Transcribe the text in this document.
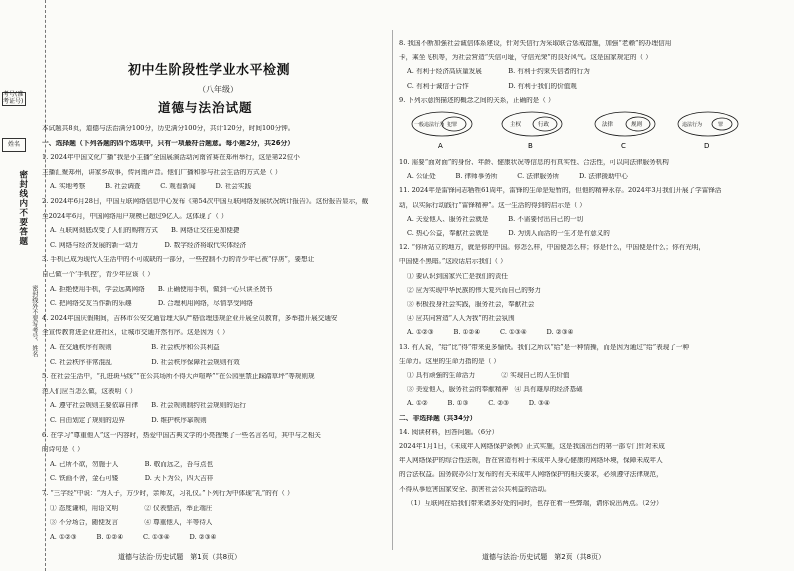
考号(准考证号)
姓名
密封线内不要答题
密封线外不要写考号、姓名
初中生阶段性学业水平检测
（八年级）
道德与法治试题
本试题共8页，道德与法治满分100分，历史满分100分，共计120分，时间100分钟。
一、选择题（下列各题的四个选项中，只有一项最符合题意。每小题2分，共26分）
1. 2024年中国文化广播“我是小主播”全国展演活动河南省赛在郑州举行，这是第22位小
主播汇聚郑州，讲家乡故事，传河南声音。他们广播和参与社会生活的方式是（ ）
A. 实地考察　　　B. 社会调查　　　C. 观看新闻　　　D. 社会实践
2. 2024年6月28日，中国互联网络信息中心发布《第54次中国互联网络发展状况统计报告》。这份报告显示，截
至2024年6月，中国网络用户规模已超过9亿人。这体现了（ ）
A. 互联网彻底改变了人们的购物方式　　B. 网络让交往更加便捷
C. 网络与经济发展的新一动力　　　　D. 数字经济将取代实体经济
3. 手机已成为现代人生活中的不可或缺的一部分，一些控制不力的青少年已被“俘虏”，要想让
自己做一个‘手机控’，青少年应该（ ）
A. 拒绝使用手机，学会远离网络　　B. 正确使用手机，做到一心只读圣贤书
C. 把网络交友当作新的乐趣　　　　D. 合理利用网络，尽情享受网络
4. 2024年国庆假期间，吉林市公安交通管理大队严格管理违规企业开展全员教育，多举措开展交通安
全宣传教育进企业进社区，让城市交通井然有序。这是因为（ ）
A. 在交通秩序有规则　　　　　　B. 社会秩序和公共利益
C. 社会秩序非常混乱　　　　　　D. 社会秩序保障社会规则有效
5. 在社会生活中，“扎进斑马线”“在公共场所不得大声喧哗”“在公园里禁止踩踏草坪”等规则规
范人们应当怎么做，这表明（ ）
A. 遵守社会规则主要依靠自律　　B. 社会规则制约社会规则的运行
C. 自由划定了规则的边界　　　　D. 维护秩序靠规则
6. 在学习“尊重他人”这一内容时，热爱中国古典文学的小亮搜集了一些名言名句，其中与之相关
的诗句是（ ）
A. 己所不欲，勿施于人　　　　B. 敬而远之，吾与点也
C. 铁画不舍，金石可镂　　　　D. 天下为公，四大吉祥
7. “三字经”中说：“为人子，方少时，亲师友，习礼仪。”下列行为中体现“礼”的有（ ）
① 态度谦和，用语文明　　　　② 仪表整洁，举止端庄
③ 不分场合，随便发言　　　　④ 尊重他人，平等待人
A. ①②③　　　B. ①②④　　　C. ①③④　　　D. ②③④
8. 我国不断加强社会诚信体系建设，针对失信行为采取联合惩戒措施，加强“老赖”的办理信用
卡，乘坐飞机等，为社会营造“失信可耻，守信光荣”的良好风气。这是国家规定的（ ）
A. 有利于经济高质量发展　　　　B. 有利于约束失信者的行为
C. 有利于诚信于合作　　　　　　D. 有利于我们的价值观
9. 下列示意图描述的概念之间的关系，正确的是（ ）
10. 需要“面对面”的身份、年龄、健康状况等信息的有真实性、合法性，可以向法律服务机构
A. 公证处　　　B. 律师事务所　　　C. 法律服务所　　　D. 法律援助中心
11. 2024年是雷锋同志牺牲61周年，雷锋的生命是短暂的，但他的精神永存。2024年3月我们开展了学雷锋活
动，以实际行动践行“雷锋精神”。这一生活的得到的启示是（ ）
A. 关爱他人、服务社会就是　　　B. 不需要付出自己的一切
C. 热心公益，奉献社会就是　　　D. 为别人而活的一生才是有意义的
12. “你所站立的地方，就是你的中国。你怎么样，中国便怎么样；你是什么，中国便是什么；你有光明，
中国便不黑暗。”这段话启示我们（ ）
① 要认识到国家兴亡是我们的责任
② 应为实现中华民族的伟大复兴而自己的努力
③ 积极投身社会实践，服务社会，奉献社会
④ 应共同营造“人人为我”的社会氛围
A. ①②③　　　B. ①②④　　　C. ①③④　　　D. ②③④
13. 有人说，“给”比“得”带来更多愉快。我们之所以“给”是一种情操，而是因为通过“给”表现了一种
生命力。这里的生命力指的是（ ）
① 具有顽强的生命活力　　　　② 实现自己的人生价值
③ 美爱他人，服务社会的奉献精神　④ 具有雄厚的经济基础
A. ①②　　　B. ①③　　　C. ②③　　　D. ③④
二、非选择题（共34分）
14. 阅读材料，回答问题。（6分）
2024年1月1日，《未成年人网络保护条例》正式实施，这是我国出台的第一部专门针对未成
年人网络保护的综合性法规，旨在营造有利于未成年人身心健康的网络环境，保障未成年人
的合法权益。国务院办公厅发布的有关未成年人网络保护的相关要求，必须遵守法律规范，
不得从事危害国家安全、损害社会公共利益的活动。
（1）互联网在给我们带来诸多好处的同时，也存在着一些弊端，请你说出两点。（2分）
一般违法行为 犯罪	主权	行政	法律	规则	违法行为	罪
A	B	C	D
道德与法治·历史试题　第1页（共8页）	道德与法治·历史试题　第2页（共8页）
